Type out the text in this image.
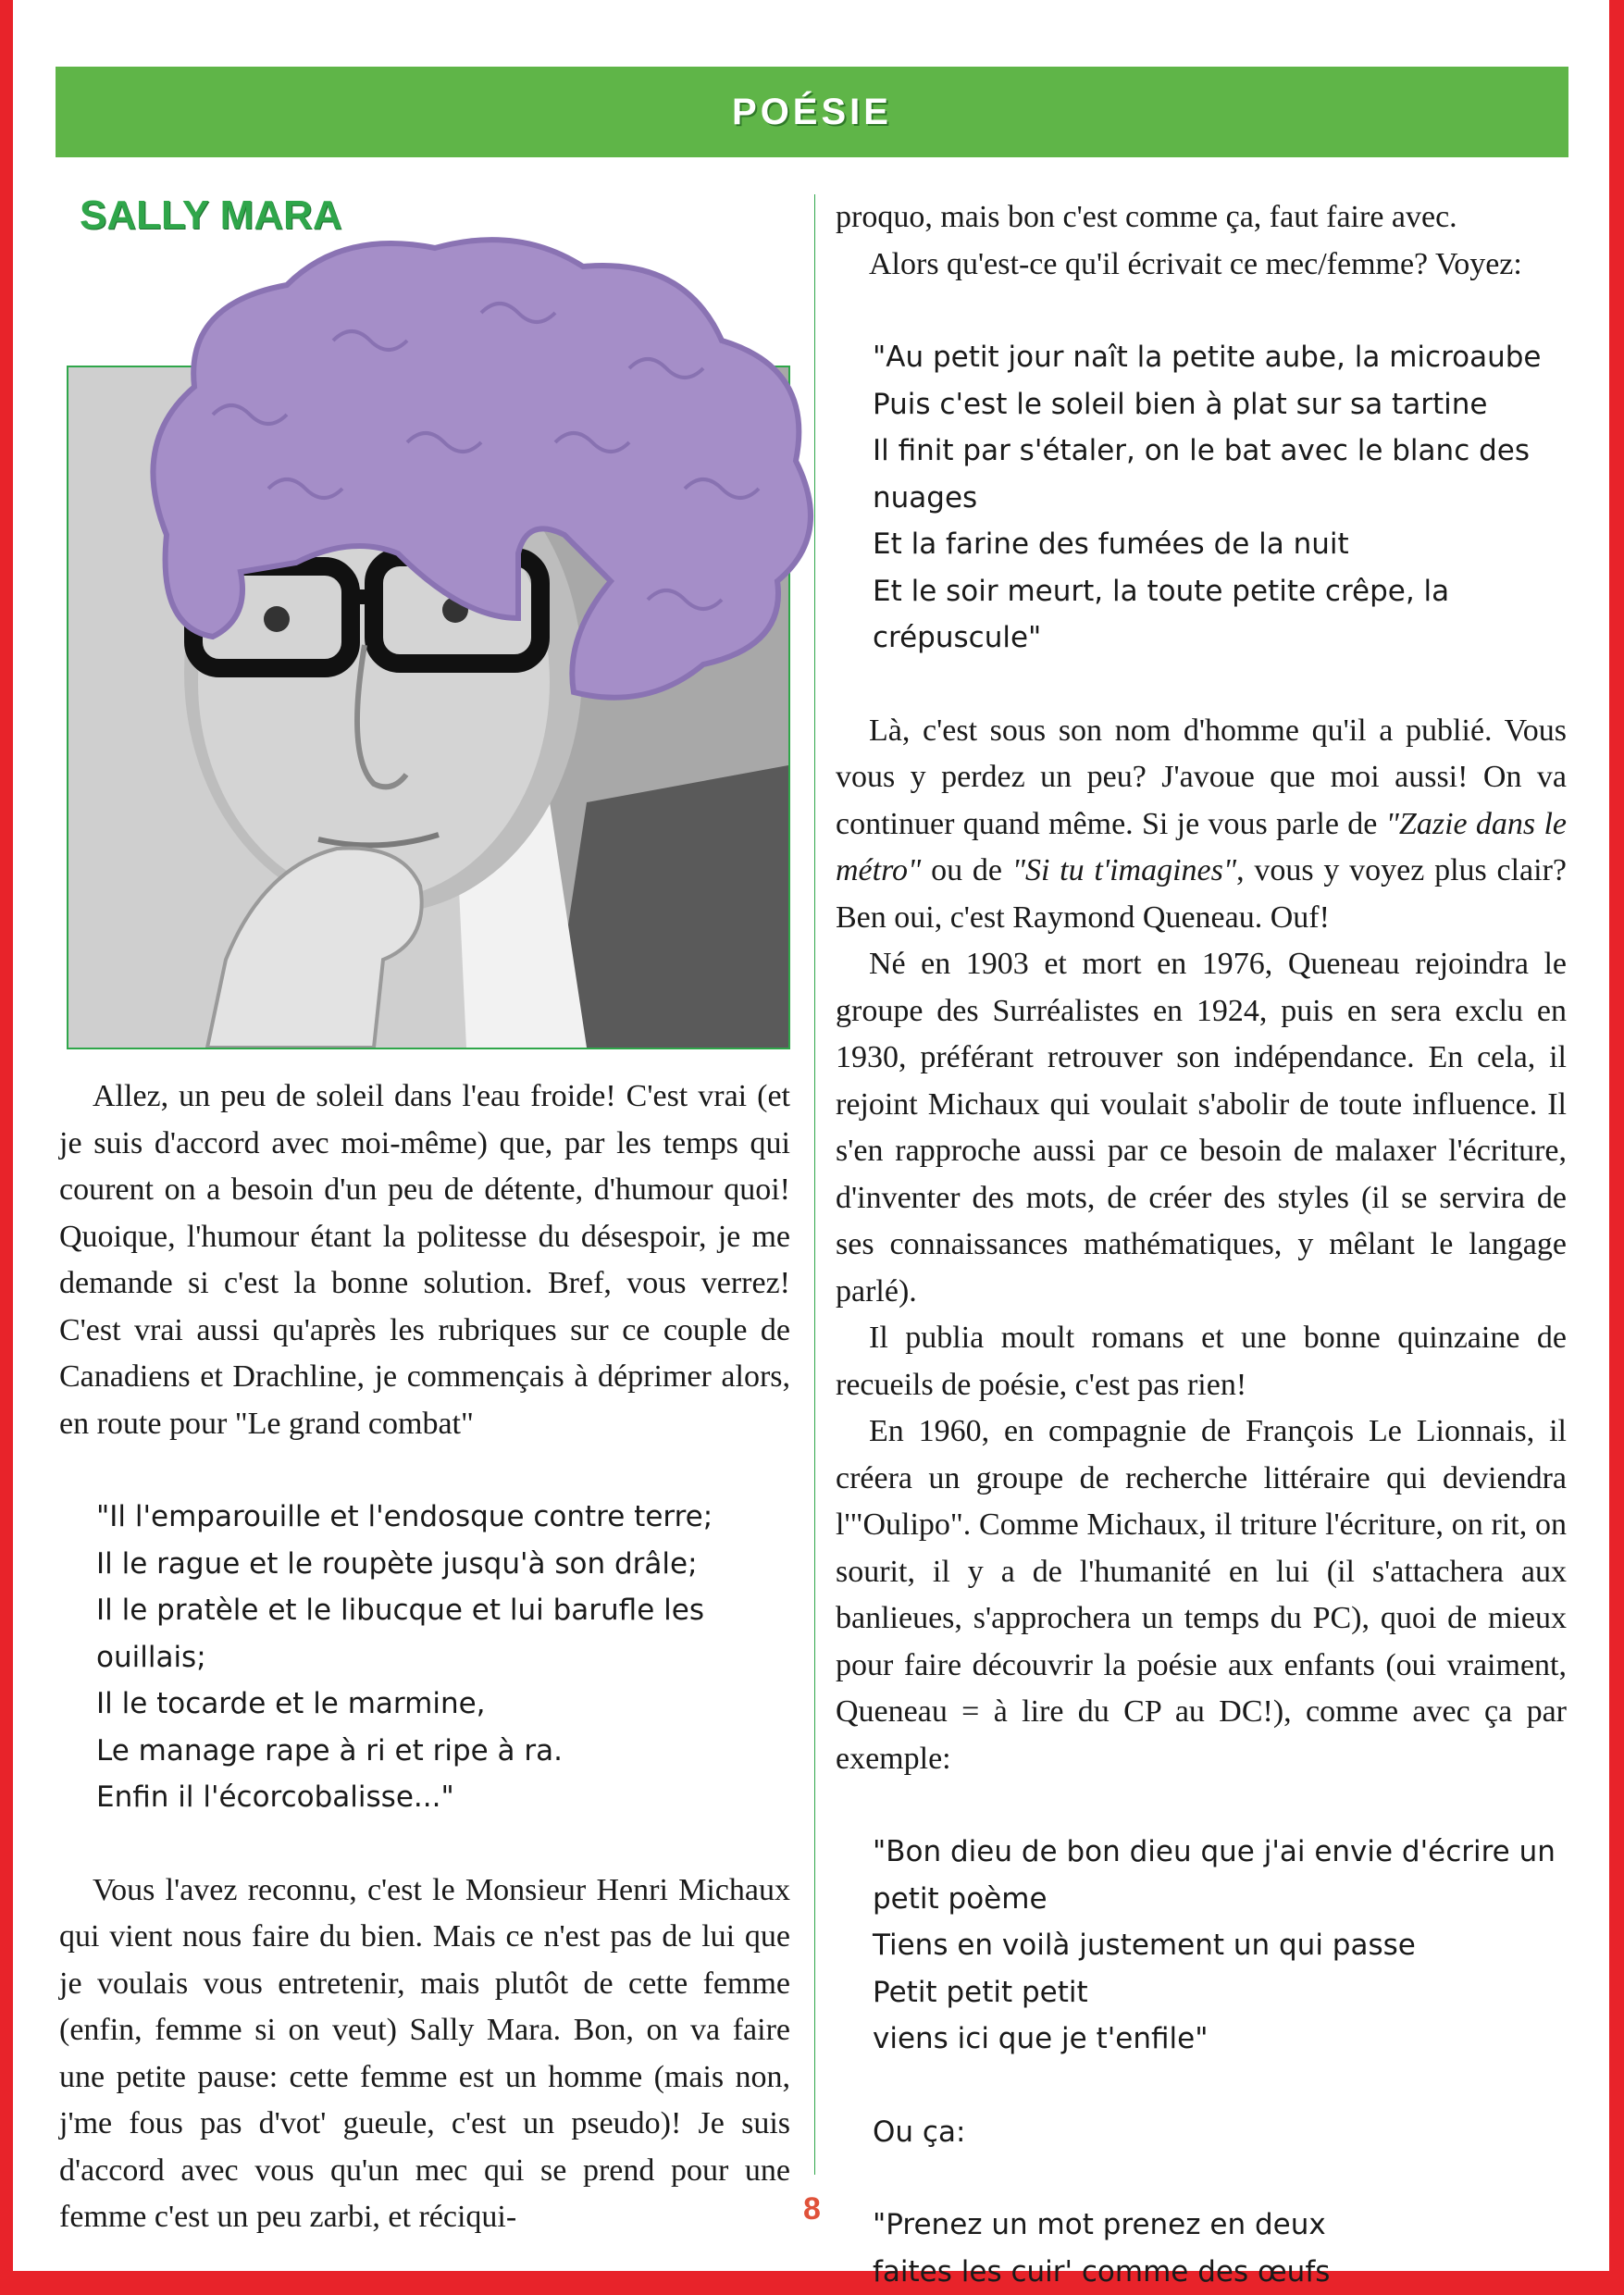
POÉSIE
SALLY MARA

Allez, un peu de soleil dans l'eau froide! C'est vrai (et je suis d'accord avec moi-même) que, par les temps qui courent on a besoin d'un peu de détente, d'humour quoi! Quoique, l'humour étant la politesse du désespoir, je me demande si c'est la bonne solution. Bref, vous verrez! C'est vrai aussi qu'après les rubriques sur ce couple de Canadiens et Drachline, je commençais à déprimer alors, en route pour "Le grand combat"

"Il l'emparouille et l'endosque contre terre;
Il le rague et le roupète jusqu'à son drâle;
Il le pratèle et le libucque et lui barufle les ouillais;
Il le tocarde et le marmine,
Le manage rape à ri et ripe à ra.
Enfin il l'écorcobalisse..."

Vous l'avez reconnu, c'est le Monsieur Henri Michaux qui vient nous faire du bien. Mais ce n'est pas de lui que je voulais vous entretenir, mais plutôt de cette femme (enfin, femme si on veut) Sally Mara. Bon, on va faire une petite pause: cette femme est un homme (mais non, j'me fous pas d'vot' gueule, c'est un pseudo)! Je suis d'accord avec vous qu'un mec qui se prend pour une femme c'est un peu zarbi, et réciqui-

proquo, mais bon c'est comme ça, faut faire avec.

Alors qu'est-ce qu'il écrivait ce mec/femme? Voyez:

"Au petit jour naît la petite aube, la microaube
Puis c'est le soleil bien à plat sur sa tartine
Il finit par s'étaler, on le bat avec le blanc des nuages
Et la farine des fumées de la nuit
Et le soir meurt, la toute petite crêpe, la crépuscule"

Là, c'est sous son nom d'homme qu'il a publié. Vous vous y perdez un peu? J'avoue que moi aussi! On va continuer quand même. Si je vous parle de "Zazie dans le métro" ou de "Si tu t'imagines", vous y voyez plus clair? Ben oui, c'est Raymond Queneau. Ouf!

Né en 1903 et mort en 1976, Queneau rejoindra le groupe des Surréalistes en 1924, puis en sera exclu en 1930, préférant retrouver son indépendance. En cela, il rejoint Michaux qui voulait s'abolir de toute influence. Il s'en rapproche aussi par ce besoin de malaxer l'écriture, d'inventer des mots, de créer des styles (il se servira de ses connaissances mathématiques, y mêlant le langage parlé).

Il publia moult romans et une bonne quinzaine de recueils de poésie, c'est pas rien!

En 1960, en compagnie de François Le Lionnais, il créera un groupe de recherche littéraire qui deviendra l'"Oulipo". Comme Michaux, il triture l'écriture, on rit, on sourit, il y a de l'humanité en lui (il s'attachera aux banlieues, s'approchera un temps du PC), quoi de mieux pour faire découvrir la poésie aux enfants (oui vraiment, Queneau = à lire du CP au DC!), comme avec ça par exemple:

"Bon dieu de bon dieu que j'ai envie d'écrire un petit poème
Tiens en voilà justement un qui passe
Petit petit petit
viens ici que je t'enfile"
Ou ça:
"Prenez un mot prenez en deux
faites les cuir' comme des œufs
8
